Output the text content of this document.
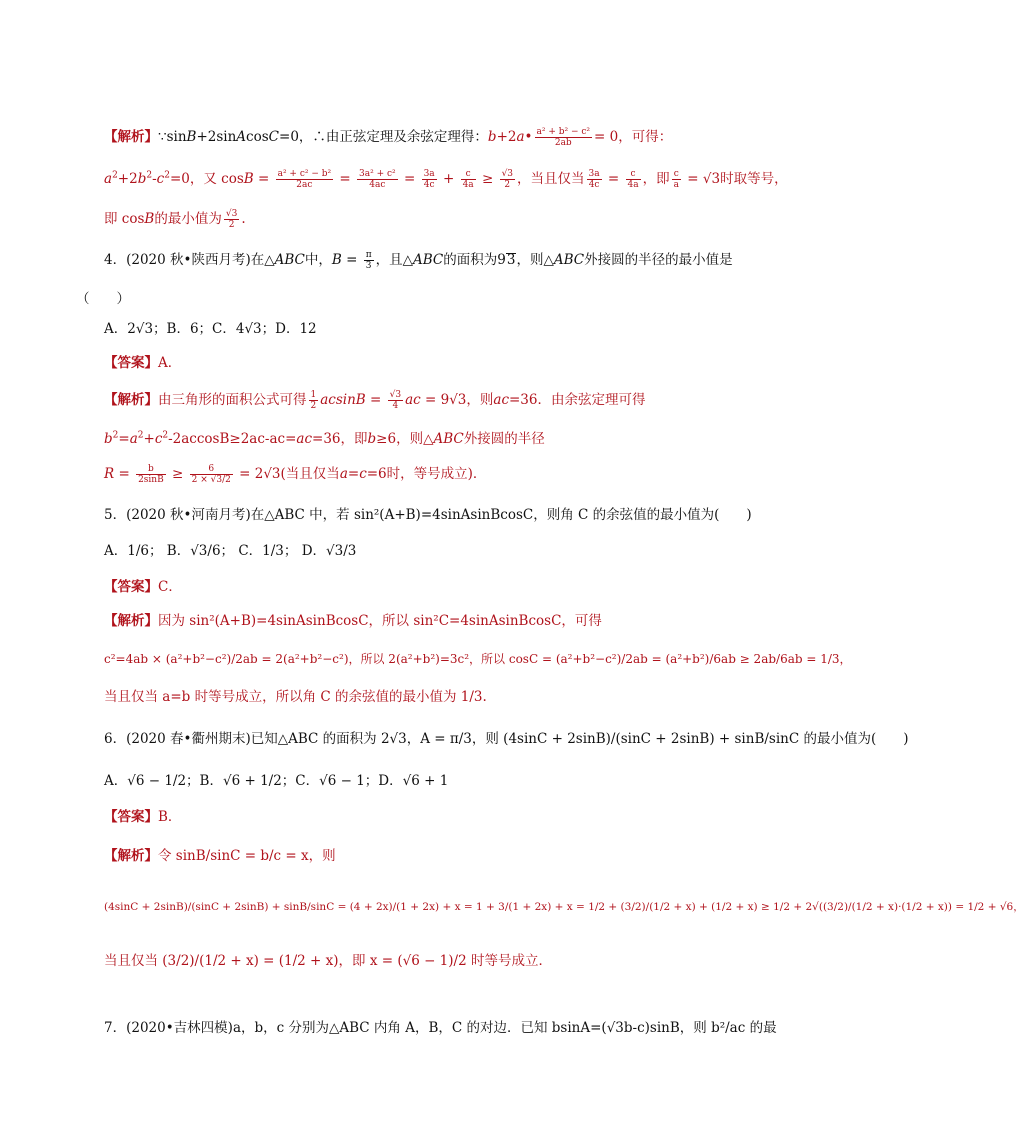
【解析】∵sinB+2sinAcosC=0，∴由正弦定理及余弦定理得：b+2a• $\frac{\text{a² + b² − c²}}{2ab} = 0$，可得：
$a^2+2b^2-c^2=0$，又 $\cos B = \frac{\text{a² + c² − b²}}{2ac} = \frac{\text{3a² + c²}}{4ac} = \frac{3a}{4c} + \frac{c}{4a} \ge \frac{√3}{2}$ ，当且仅当 $\frac{3a}{4c} = \frac{c}{4a}$ ，即 $\frac{c}{a} = √3$时取等号，
即 cosB的最小值为 $\frac{√3}{2}$ .
4．(2020 秋•陕西月考)在△ABC中，$B = \frac{\pi}{3}$ ，且△ABC的面积为93，则△ABC外接圆的半径的最小值是
（　　）
A．2√3；B．6；C．4√3；D．12
【答案】A．
【解析】由三角形的面积公式可得 $\frac{1}{2}$ $acsinB = \frac{√3}{4}$ ac = 9√3，则ac=36．由余弦定理可得
$b^2=a^2+c^2-2accosB\ge 2ac-ac=ac=36$，即b≥6，则△ABC外接圆的半径
$R = \frac{b}{2\sin B} \ge \frac{6}{2 \times √3/2} = 2√3$(当且仅当a=c=6时，等号成立)．
5．(2020 秋•河南月考)在△ABC 中，若 sin²(A+B)=4sinAsinBcosC，则角 C 的余弦值的最小值为(　　)
A．1/6； B．√3/6； C．1/3； D．√3/3
【答案】C．
【解析】因为 sin²(A+B)=4sinAsinBcosC，所以 sin²C=4sinAsinBcosC，可得
c²=4ab × (a²+b²−c²)/2ab = 2(a²+b²−c²)，所以 2(a²+b²)=3c²，所以 cosC = (a²+b²−c²)/2ab = (a²+b²)/6ab ≥ 2ab/6ab = 1/3，
当且仅当 a=b 时等号成立，所以角 C 的余弦值的最小值为 1/3.
6．(2020 春•衢州期末)已知△ABC 的面积为 2√3，A = π/3，则 (4sinC + 2sinB)/(sinC + 2sinB) + sinB/sinC 的最小值为(　　)
A．√6 − 1/2；B．√6 + 1/2；C．√6 − 1；D．√6 + 1
【答案】B．
【解析】令 sinB/sinC = b/c = x，则
(4sinC + 2sinB)/(sinC + 2sinB) + sinB/sinC = (4 + 2x)/(1 + 2x) + x = 1 + 3/(1 + 2x) + x = 1/2 + (3/2)/(1/2 + x) + (1/2 + x) ≥ 1/2 + 2√((3/2)/(1/2 + x)·(1/2 + x)) = 1/2 + √6，
当且仅当 (3/2)/(1/2 + x) = (1/2 + x)，即 x = (√6 − 1)/2 时等号成立．
7．(2020•吉林四模)a，b，c 分别为△ABC 内角 A，B，C 的对边．已知 bsinA=(√3b-c)sinB，则 b²/ac 的最
